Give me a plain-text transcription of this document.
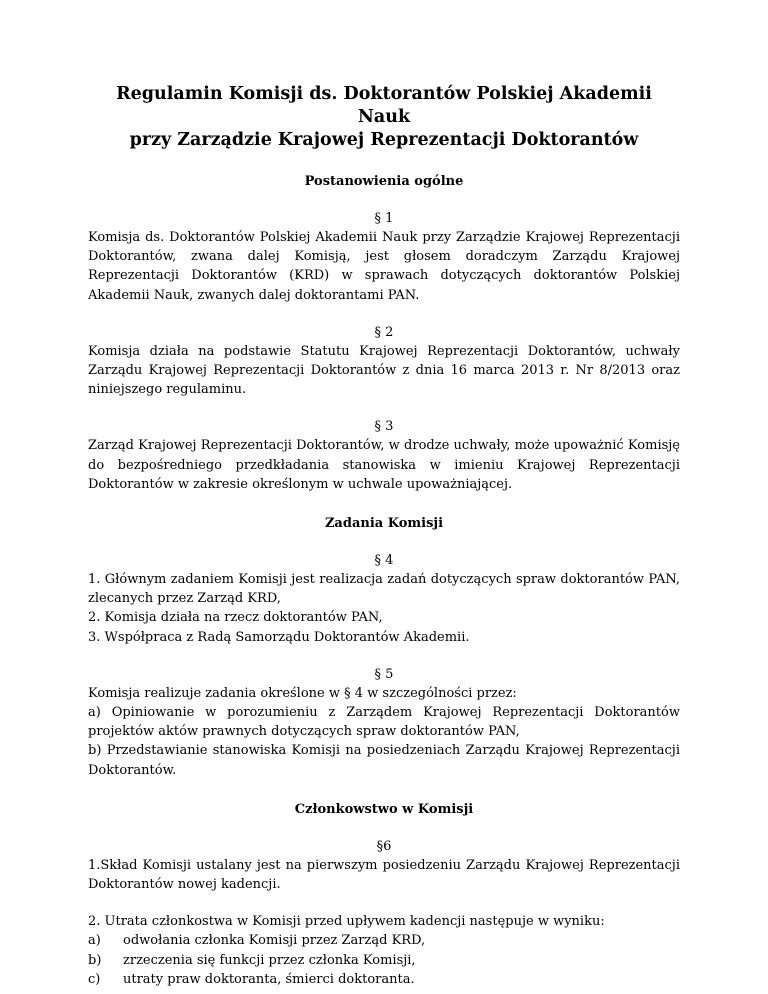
Regulamin Komisji ds. Doktorantów Polskiej Akademii Nauk
przy Zarządzie Krajowej Reprezentacji Doktorantów

Postanowienia ogólne

§ 1

Komisja ds. Doktorantów Polskiej Akademii Nauk przy Zarządzie Krajowej Reprezentacji Doktorantów, zwana dalej Komisją, jest głosem doradczym Zarządu Krajowej Reprezentacji Doktorantów (KRD) w sprawach dotyczących doktorantów Polskiej Akademii Nauk, zwanych dalej doktorantami PAN.

§ 2

Komisja działa na podstawie Statutu Krajowej Reprezentacji Doktorantów, uchwały Zarządu Krajowej Reprezentacji Doktorantów z dnia 16 marca 2013 r. Nr 8/2013 oraz niniejszego regulaminu.

§ 3

Zarząd Krajowej Reprezentacji Doktorantów, w drodze uchwały, może upoważnić Komisję do bezpośredniego przedkładania stanowiska w imieniu Krajowej Reprezentacji Doktorantów w zakresie określonym w uchwale upoważniającej.

Zadania Komisji

§ 4

1. Głównym zadaniem Komisji jest realizacja zadań dotyczących spraw doktorantów PAN, zlecanych przez Zarząd KRD,

2. Komisja działa na rzecz doktorantów PAN,

3. Współpraca z Radą Samorządu Doktorantów Akademii.

§ 5

Komisja realizuje zadania określone w § 4 w szczególności przez:

a) Opiniowanie w porozumieniu z Zarządem Krajowej Reprezentacji Doktorantów projektów aktów prawnych dotyczących spraw doktorantów PAN,

b) Przedstawianie stanowiska Komisji na posiedzeniach Zarządu Krajowej Reprezentacji Doktorantów.

Członkowstwo w Komisji

§6

1.Skład Komisji ustalany jest na pierwszym posiedzeniu Zarządu Krajowej Reprezentacji Doktorantów nowej kadencji.

2. Utrata członkostwa w Komisji przed upływem kadencji następuje w wyniku:

a)	odwołania członka Komisji przez Zarząd KRD,
b)	zrzeczenia się funkcji przez członka Komisji,
c)	utraty praw doktoranta, śmierci doktoranta.
